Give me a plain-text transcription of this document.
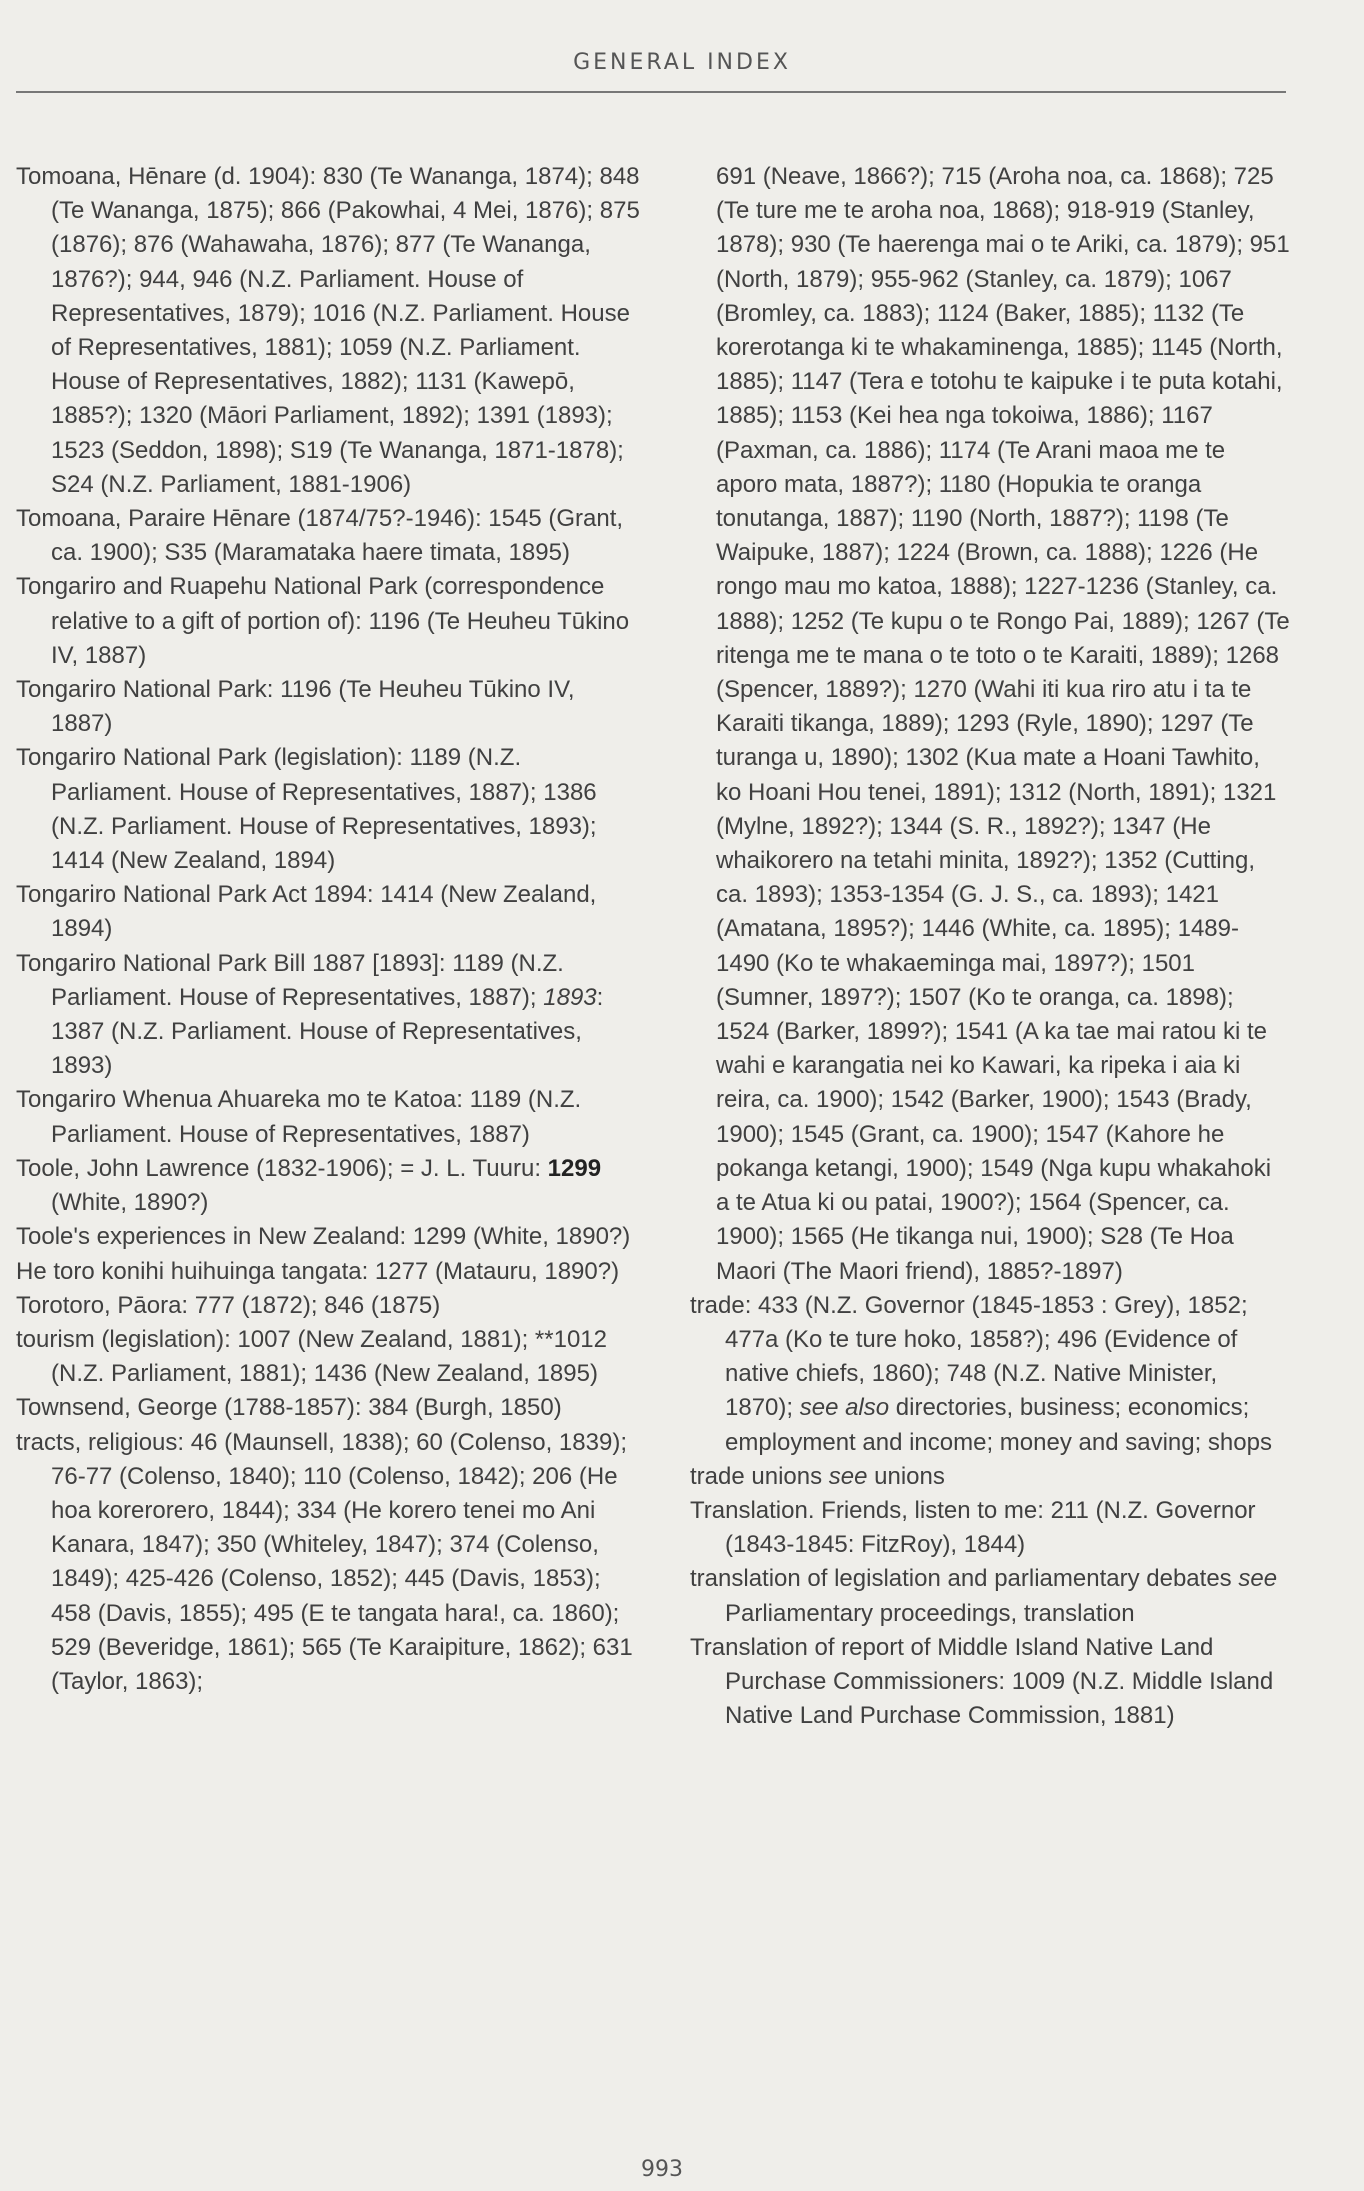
GENERAL INDEX

Tomoana, Hēnare (d. 1904): 830 (Te Wananga, 1874); 848 (Te Wananga, 1875); 866 (Pakowhai, 4 Mei, 1876); 875 (1876); 876 (Wahawaha, 1876); 877 (Te Wananga, 1876?); 944, 946 (N.Z. Parliament. House of Representatives, 1879); 1016 (N.Z. Parliament. House of Representatives, 1881); 1059 (N.Z. Parliament. House of Representatives, 1882); 1131 (Kawepō, 1885?); 1320 (Māori Parliament, 1892); 1391 (1893); 1523 (Seddon, 1898); S19 (Te Wananga, 1871-1878); S24 (N.Z. Parliament, 1881-1906)

Tomoana, Paraire Hēnare (1874/75?-1946): 1545 (Grant, ca. 1900); S35 (Maramataka haere timata, 1895)

Tongariro and Ruapehu National Park (correspondence relative to a gift of portion of): 1196 (Te Heuheu Tūkino IV, 1887)

Tongariro National Park: 1196 (Te Heuheu Tūkino IV, 1887)

Tongariro National Park (legislation): 1189 (N.Z. Parliament. House of Representatives, 1887); 1386 (N.Z. Parliament. House of Representatives, 1893); 1414 (New Zealand, 1894)

Tongariro National Park Act 1894: 1414 (New Zealand, 1894)

Tongariro National Park Bill 1887 [1893]: 1189 (N.Z. Parliament. House of Representatives, 1887); 1893: 1387 (N.Z. Parliament. House of Representatives, 1893)

Tongariro Whenua Ahuareka mo te Katoa: 1189 (N.Z. Parliament. House of Representatives, 1887)

Toole, John Lawrence (1832-1906); = J. L. Tuuru: 1299 (White, 1890?)

Toole's experiences in New Zealand: 1299 (White, 1890?)

He toro konihi huihuinga tangata: 1277 (Matauru, 1890?)

Torotoro, Pāora: 777 (1872); 846 (1875)

tourism (legislation): 1007 (New Zealand, 1881); **1012 (N.Z. Parliament, 1881); 1436 (New Zealand, 1895)

Townsend, George (1788-1857): 384 (Burgh, 1850)

tracts, religious: 46 (Maunsell, 1838); 60 (Colenso, 1839); 76-77 (Colenso, 1840); 110 (Colenso, 1842); 206 (He hoa korerorero, 1844); 334 (He korero tenei mo Ani Kanara, 1847); 350 (Whiteley, 1847); 374 (Colenso, 1849); 425-426 (Colenso, 1852); 445 (Davis, 1853); 458 (Davis, 1855); 495 (E te tangata hara!, ca. 1860); 529 (Beveridge, 1861); 565 (Te Karaipiture, 1862); 631 (Taylor, 1863);

691 (Neave, 1866?); 715 (Aroha noa, ca. 1868); 725 (Te ture me te aroha noa, 1868); 918-919 (Stanley, 1878); 930 (Te haerenga mai o te Ariki, ca. 1879); 951 (North, 1879); 955-962 (Stanley, ca. 1879); 1067 (Bromley, ca. 1883); 1124 (Baker, 1885); 1132 (Te korerotanga ki te whakaminenga, 1885); 1145 (North, 1885); 1147 (Tera e totohu te kaipuke i te puta kotahi, 1885); 1153 (Kei hea nga tokoiwa, 1886); 1167 (Paxman, ca. 1886); 1174 (Te Arani maoa me te aporo mata, 1887?); 1180 (Hopukia te oranga tonutanga, 1887); 1190 (North, 1887?); 1198 (Te Waipuke, 1887); 1224 (Brown, ca. 1888); 1226 (He rongo mau mo katoa, 1888); 1227-1236 (Stanley, ca. 1888); 1252 (Te kupu o te Rongo Pai, 1889); 1267 (Te ritenga me te mana o te toto o te Karaiti, 1889); 1268 (Spencer, 1889?); 1270 (Wahi iti kua riro atu i ta te Karaiti tikanga, 1889); 1293 (Ryle, 1890); 1297 (Te turanga u, 1890); 1302 (Kua mate a Hoani Tawhito, ko Hoani Hou tenei, 1891); 1312 (North, 1891); 1321 (Mylne, 1892?); 1344 (S. R., 1892?); 1347 (He whaikorero na tetahi minita, 1892?); 1352 (Cutting, ca. 1893); 1353-1354 (G. J. S., ca. 1893); 1421 (Amatana, 1895?); 1446 (White, ca. 1895); 1489-1490 (Ko te whakaeminga mai, 1897?); 1501 (Sumner, 1897?); 1507 (Ko te oranga, ca. 1898); 1524 (Barker, 1899?); 1541 (A ka tae mai ratou ki te wahi e karangatia nei ko Kawari, ka ripeka i aia ki reira, ca. 1900); 1542 (Barker, 1900); 1543 (Brady, 1900); 1545 (Grant, ca. 1900); 1547 (Kahore he pokanga ketangi, 1900); 1549 (Nga kupu whakahoki a te Atua ki ou patai, 1900?); 1564 (Spencer, ca. 1900); 1565 (He tikanga nui, 1900); S28 (Te Hoa Maori (The Maori friend), 1885?-1897)

trade: 433 (N.Z. Governor (1845-1853 : Grey), 1852; 477a (Ko te ture hoko, 1858?); 496 (Evidence of native chiefs, 1860); 748 (N.Z. Native Minister, 1870); see also directories, business; economics; employment and income; money and saving; shops

trade unions see unions

Translation. Friends, listen to me: 211 (N.Z. Governor (1843-1845: FitzRoy), 1844)

translation of legislation and parliamentary debates see Parliamentary proceedings, translation

Translation of report of Middle Island Native Land Purchase Commissioners: 1009 (N.Z. Middle Island Native Land Purchase Commission, 1881)

993
